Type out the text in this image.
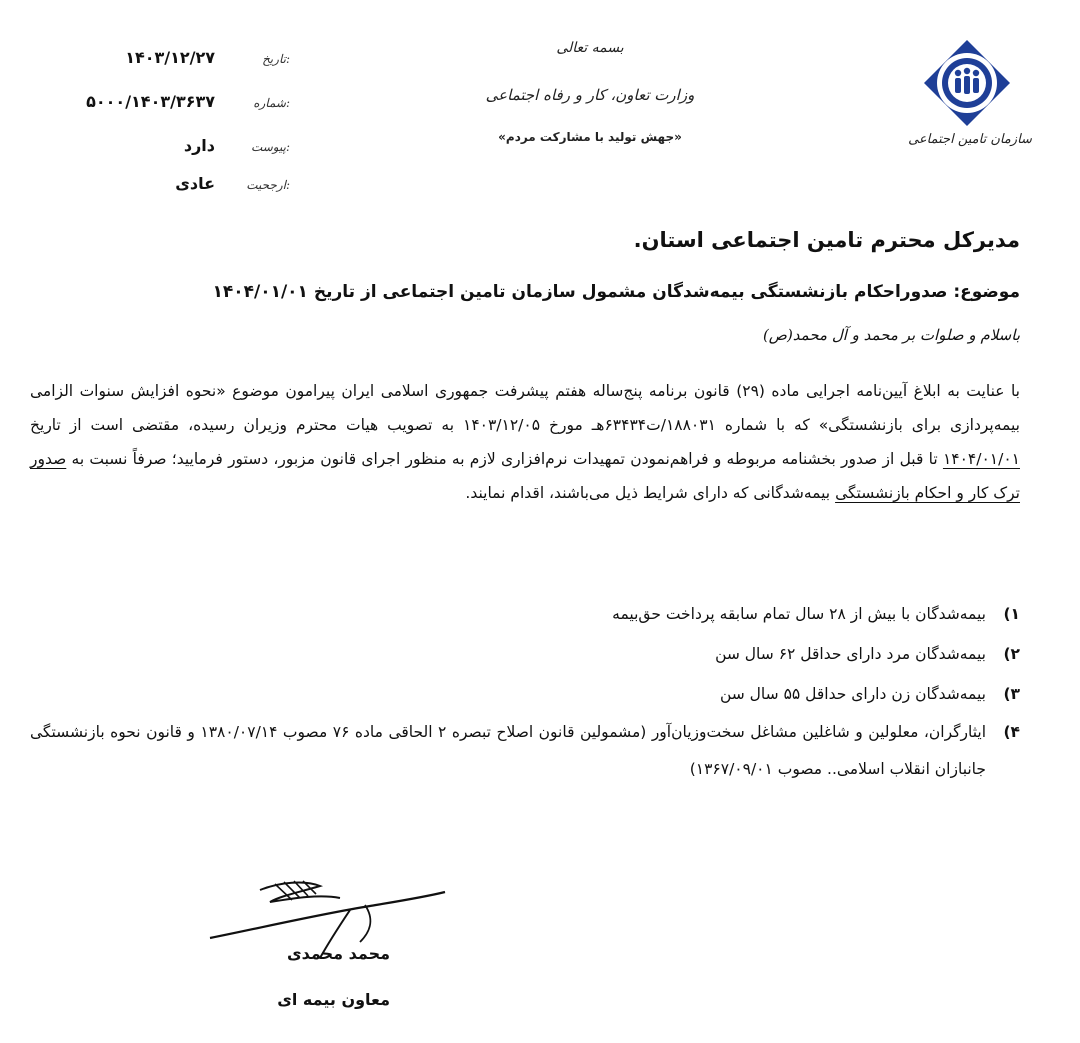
سازمان تامین اجتماعی
بسمه تعالی
وزارت تعاون، کار و رفاه اجتماعی
«جهش تولید با مشارکت مردم»
تاریخ:
۱۴۰۳/۱۲/۲۷
شماره:
۵۰۰۰/۱۴۰۳/۳۶۳۷
پیوست:
دارد
ارجحیت:
عادی
مدیرکل محترم تامین اجتماعی استان.
موضوع: صدوراحکام بازنشستگی بیمه‌شدگان مشمول سازمان تامین اجتماعی از تاریخ ۱۴۰۴/۰۱/۰۱
باسلام و صلوات بر محمد و آل محمد(ص)
با عنایت به ابلاغ آیین‌نامه اجرایی ماده (۲۹) قانون برنامه پنج‌ساله هفتم پیشرفت جمهوری اسلامی ایران پیرامون موضوع «نحوه افزایش سنوات الزامی بیمه‌پردازی برای بازنشستگی» که با شماره ۱۸۸۰۳۱/ت۶۳۴۳۴هـ مورخ ۱۴۰۳/۱۲/۰۵ به تصویب هیات محترم وزیران رسیده، مقتضی است از تاریخ ۱۴۰۴/۰۱/۰۱ تا قبل از صدور بخشنامه مربوطه و فراهم‌نمودن تمهیدات نرم‌افزاری لازم به منظور اجرای قانون مزبور، دستور فرمایید؛ صرفاً نسبت به صدور ترک کار و احکام بازنشستگی بیمه‌شدگانی که دارای شرایط ذیل می‌باشند، اقدام نمایند.
۱)
بیمه‌شدگان با بیش از ۲۸ سال تمام سابقه پرداخت حق‌بیمه
۲)
بیمه‌شدگان مرد دارای حداقل ۶۲ سال سن
۳)
بیمه‌شدگان زن دارای حداقل ۵۵ سال سن
۴)
ایثارگران، معلولین و شاغلین مشاغل سخت‌وزیان‌آور (مشمولین قانون اصلاح تبصره ۲ الحاقی ماده ۷۶ مصوب ۱۳۸۰/۰۷/۱۴ و قانون نحوه بازنشستگی جانبازان انقلاب اسلامی.. مصوب ۱۳۶۷/۰۹/۰۱)
محمد محمدی
معاون بیمه ای
